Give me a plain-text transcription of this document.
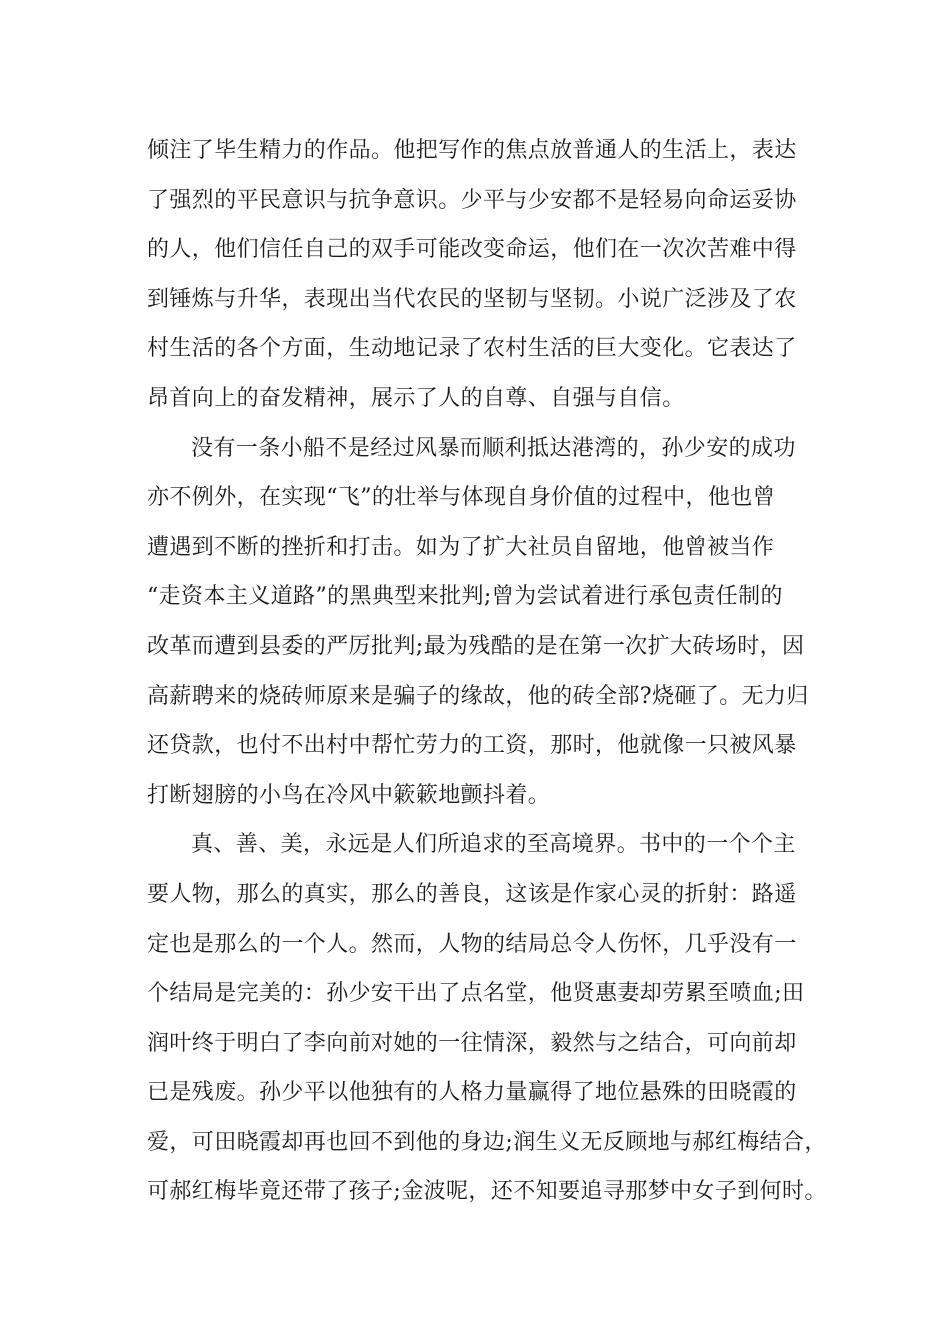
倾注了毕生精力的作品。他把写作的焦点放普通人的生活上，表达
了强烈的平民意识与抗争意识。少平与少安都不是轻易向命运妥协
的人，他们信任自己的双手可能改变命运，他们在一次次苦难中得
到锤炼与升华，表现出当代农民的坚韧与坚韧。小说广泛涉及了农
村生活的各个方面，生动地记录了农村生活的巨大变化。它表达了
昂首向上的奋发精神，展示了人的自尊、自强与自信。
没有一条小船不是经过风暴而顺利抵达港湾的，孙少安的成功
亦不例外，在实现“飞”的壮举与体现自身价值的过程中，他也曾
遭遇到不断的挫折和打击。如为了扩大社员自留地，他曾被当作
“走资本主义道路”的黑典型来批判;曾为尝试着进行承包责任制的
改革而遭到县委的严厉批判;最为残酷的是在第一次扩大砖场时，因
高薪聘来的烧砖师原来是骗子的缘故，他的砖全部?烧砸了。无力归
还贷款，也付不出村中帮忙劳力的工资，那时，他就像一只被风暴
打断翅膀的小鸟在冷风中簌簌地颤抖着。
真、善、美，永远是人们所追求的至高境界。书中的一个个主
要人物，那么的真实，那么的善良，这该是作家心灵的折射：路遥
定也是那么的一个人。然而，人物的结局总令人伤怀，几乎没有一
个结局是完美的：孙少安干出了点名堂，他贤惠妻却劳累至喷血;田
润叶终于明白了李向前对她的一往情深，毅然与之结合，可向前却
已是残废。孙少平以他独有的人格力量赢得了地位悬殊的田晓霞的
爱，可田晓霞却再也回不到他的身边;润生义无反顾地与郝红梅结合，
可郝红梅毕竟还带了孩子;金波呢，还不知要追寻那梦中女子到何时。
